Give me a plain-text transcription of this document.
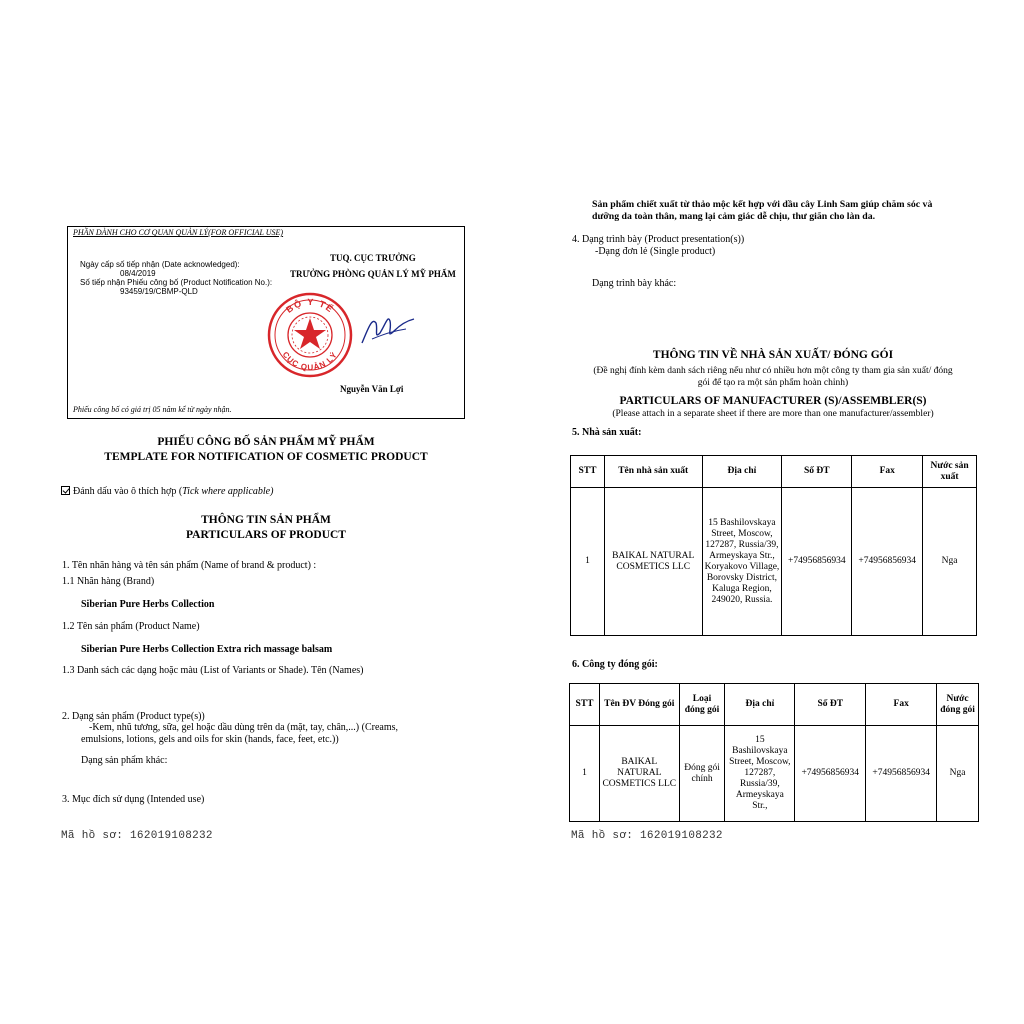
PHẦN DÀNH CHO CƠ QUAN QUẢN LÝ(FOR OFFICIAL USE)
Ngày cấp số tiếp nhận (Date acknowledged):
08/4/2019
Số tiếp nhận Phiếu công bố (Product Notification No.):
93459/19/CBMP-QLD
TUQ. CỤC TRƯỞNG
TRƯỞNG PHÒNG QUẢN LÝ MỸ PHẨM
BỘ Y TẾ
CỤC QUẢN LÝ
Nguyễn Văn Lợi
Phiếu công bố có giá trị 05 năm kể từ ngày nhận.
PHIẾU CÔNG BỐ SẢN PHẨM MỸ PHẨM
TEMPLATE FOR NOTIFICATION OF COSMETIC PRODUCT
Đánh dấu vào ô thích hợp (Tick where applicable)
THÔNG TIN SẢN PHẨM
PARTICULARS OF PRODUCT
1. Tên nhãn hàng và tên sản phẩm (Name of brand & product) :
1.1 Nhãn hàng (Brand)
Siberian Pure Herbs Collection
1.2 Tên sản phẩm (Product Name)
Siberian Pure Herbs Collection Extra rich massage balsam
1.3 Danh sách các dạng hoặc màu (List of Variants or Shade). Tên (Names)
2. Dạng sản phẩm (Product type(s))
-Kem, nhũ tương, sữa, gel hoặc dầu dùng trên da (mặt, tay, chân,...) (Creams,
emulsions, lotions, gels and oils for skin (hands, face, feet, etc.))
Dạng sản phẩm khác:
3. Mục đích sử dụng (Intended use)
Mã hồ sơ: 162019108232
Sản phẩm chiết xuất từ thảo mộc kết hợp với dầu cây Linh Sam giúp chăm sóc và
dưỡng da toàn thân, mang lại cảm giác dễ chịu, thư giãn cho làn da.
4. Dạng trình bày (Product presentation(s))
-Dạng đơn lẻ (Single product)
Dạng trình bày khác:
THÔNG TIN VỀ NHÀ SẢN XUẤT/ ĐÓNG GÓI
(Đề nghị đính kèm danh sách riêng nếu như có nhiều hơn một công ty tham gia sản xuất/ đóng
gói để tạo ra một sản phẩm hoàn chỉnh)
PARTICULARS OF MANUFACTURER (S)/ASSEMBLER(S)
(Please attach in a separate sheet if there are more than one manufacturer/assembler)
5. Nhà sản xuất:
STT	Tên nhà sản xuất	Địa chỉ	Số ĐT	Fax	Nước sản xuất
1	BAIKAL NATURAL COSMETICS LLC	15 Bashilovskaya Street, Moscow, 127287, Russia/39, Armeyskaya Str., Koryakovo Village, Borovsky District, Kaluga Region, 249020, Russia.	+74956856934	+74956856934	Nga
6. Công ty đóng gói:
STT	Tên ĐV Đóng gói	Loại đóng gói	Địa chỉ	Số ĐT	Fax	Nước đóng gói
1	BAIKAL NATURAL COSMETICS LLC	Đóng gói chính	15 Bashilovskaya Street, Moscow, 127287, Russia/39, Armeyskaya Str.,	+74956856934	+74956856934	Nga
Mã hồ sơ: 162019108232
